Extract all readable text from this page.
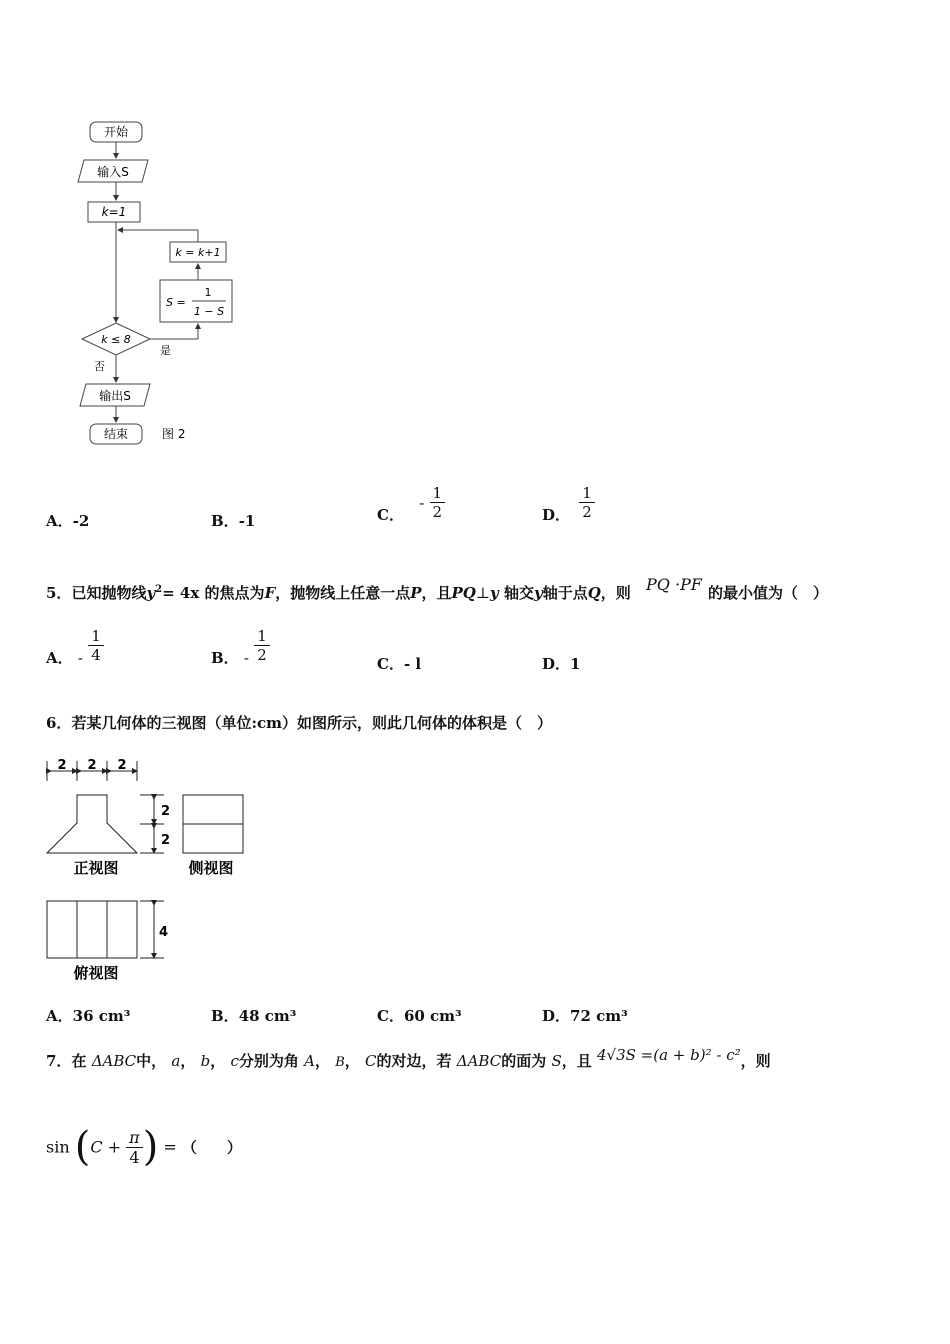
开始
输入S
k=1
k = k+1
S =
1
1 − S
k ≤ 8
是
否
输出S
结束	图 2
A．-2	B．-1	C． - $\frac{1}{2}$	D． $\frac{1}{2}$
5．已知抛物线$y^2= 4x$ 的焦点为F，抛物线上任意一点P，且PQ⊥y 轴交y轴于点Q，则 PQ ·PF 的最小值为（　）
A． - $\frac{1}{4}$	B． - $\frac{1}{2}$	C．- l	D．1
6．若某几何体的三视图（单位:cm）如图所示，则此几何体的体积是（　）
2 2 2
2
2
正视图	侧视图
4
俯视图
A．36 cm³	B．48 cm³	C．60 cm³	D．72 cm³
7．在 ΔABC中， a， b， c分别为角 A， B， C的对边，若 ΔABC的面为 S，且 4√3S =(a + b)² - c²，则
$\sin (C + \frac{\pi}{4}$ ) = （　　）
